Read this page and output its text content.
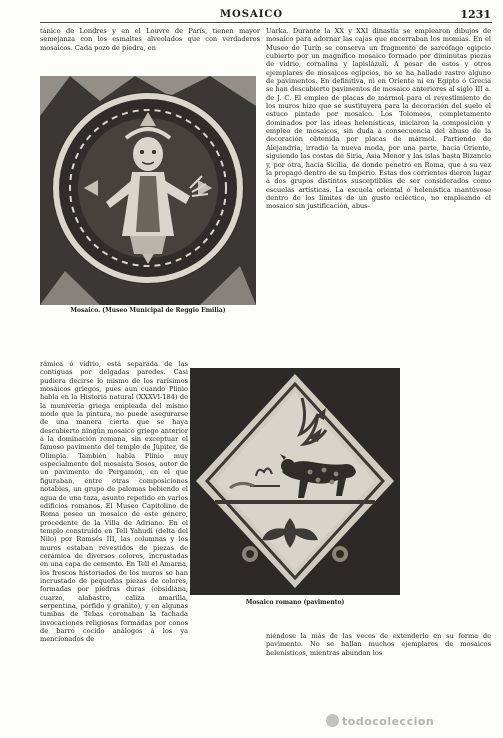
MOSAICO	1231

tánico de Londres y en el Louvre de París, tienen mayor semejanza con los esmaltes alveolados que con verdaderos mosaicos. Cada pozo de piedra, en

Mosaico. (Museo Municipal de Reggio Emilia)

Uarka. Durante la XX y XXI dinastía se emplearon dibujos de mosaico para adornar las cajas que encerraban los momias. En el Museo de Turín se conserva un fragmento de sarcófago egipcio cubierto por un magnífico mosaico formado por diminutas piezas de vidrio, cornalina y lapislázuli. A pesar de estos y otros ejemplares de mosaicos egipcios, no se ha hallado rastro alguno de pavimentos. En definitiva, ni en Oriente ni en Egipto ó Grecia se han descubierto pavimentos de mosaico anteriores al siglo III a. de J. C. El empleo de placas de mármol para el revestimiento de los muros hizo que se sustituyera para la decoración del suelo el estuco pintado por mosaico. Los Tolomeos, completamente dominados por las ideas helenísticas, iniciaron la composición y empleo de mosaicos, sin duda á consecuencia del abuso de la decoración obtenida por placas de mármol. Partiendo de Alejandría, irradió la nueva moda, por una parte, hacia Oriente, siguiendo las costas de Siria, Asia Menor y las islas hasta Bizancio y, por otra, hacia Sicilia, de donde penetró en Roma, que á su vez la propagó dentro de su Imperio. Estas dos corrientes dieron lugar á dos grupos distintos susceptibles de ser considerados como escuelas artísticas. La escuela oriental ó helenística mantúvose dentro de los límites de un gusto ecléctico, no empleando el mosaico sin justificación, abus-

rámica ó vidrio, está separada de las contiguas por delgadas paredes. Casi pudiera decirse lo mismo de los rarísimos mosaicos griegos, pues aun cuando Plinio habla en la Historia natural (XXXVI-184) de la munivería griega empleada del mismo modo que la pintura, no puede asegurarse de una manera cierta que se haya descubierto ningún mosaico griego anterior á la dominación romana, sin exceptuar el famoso pavimento del templo de Júpiter, de Olimpia. También habla Plinio muy especialmente del mosaísta Sosos, autor de un pavimento de Pergamón, en el que figuraban, entre otras composiciones notables, un grupo de palomas bebiendo el agua de una taza, asunto repetido en varios edificios romanos. El Museo Capitolino de Roma posee un mosaico de este género, procedente de la Villa de Adriano. En el templo construído en Tell Yahudi (delta del Nilo) por Ramsés III, las columnas y los muros estaban revestidos de piezas de cerámica de diversos colores, incrustadas en una capa de cemento. En Tell el Amarna, los frescos historiados de los muros se han incrustado de pequeñas piezas de colores, formadas por piedras duras (obsidiana, cuarzo, alabastro, caliza amarilla, serpentina, pórfido y granito), y en algunas tumbas de Tebas coronaban la fachada invocaciones religiosas formadas por conos de barro cocido análogos á los ya mencionados de

Mosaico romano (pavimento)

niéndose la más de las veces de extenderlo en su forma de pavimento. No se hallan muchos ejemplares de mosaicos helenísticos, mientras abundan los

todocoleccion
